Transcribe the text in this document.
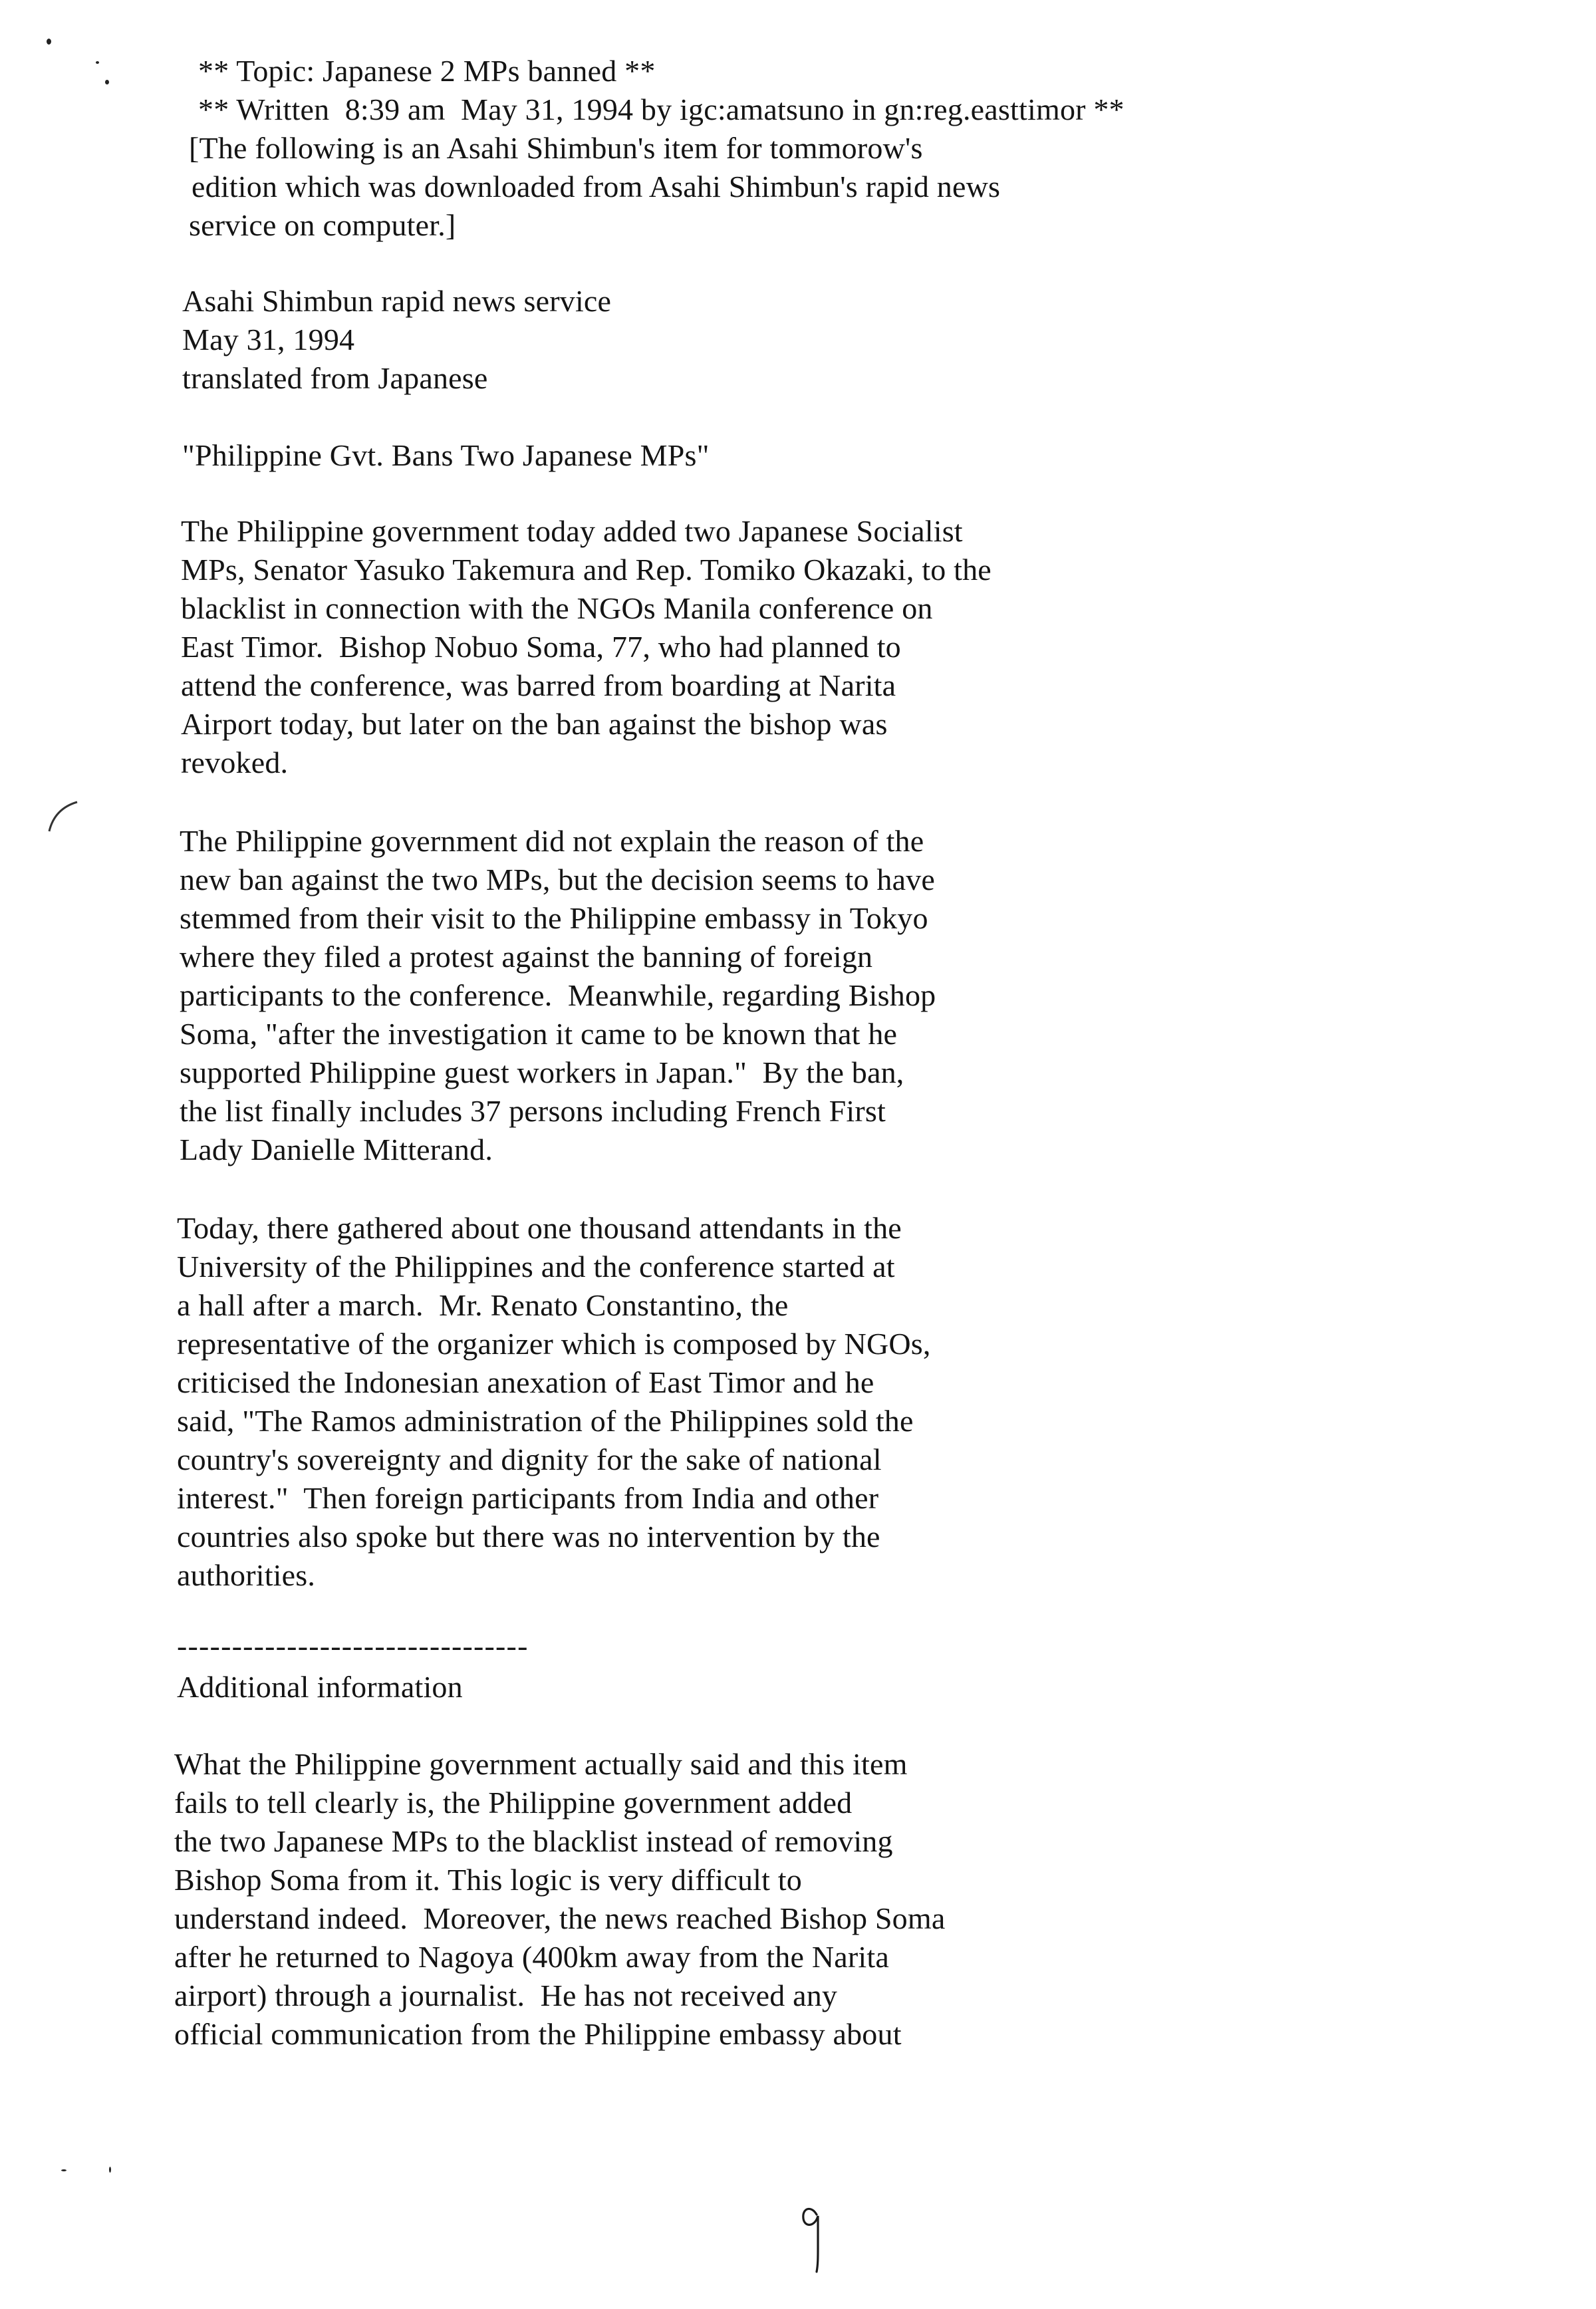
** Topic: Japanese 2 MPs banned **
** Written  8:39 am  May 31, 1994 by igc:amatsuno in gn:reg.easttimor **
[The following is an Asahi Shimbun's item for tommorow's
edition which was downloaded from Asahi Shimbun's rapid news
service on computer.]
Asahi Shimbun rapid news service
May 31, 1994
translated from Japanese
"Philippine Gvt. Bans Two Japanese MPs"
The Philippine government today added two Japanese Socialist
MPs, Senator Yasuko Takemura and Rep. Tomiko Okazaki, to the
blacklist in connection with the NGOs Manila conference on
East Timor.  Bishop Nobuo Soma, 77, who had planned to
attend the conference, was barred from boarding at Narita
Airport today, but later on the ban against the bishop was
revoked.
The Philippine government did not explain the reason of the
new ban against the two MPs, but the decision seems to have
stemmed from their visit to the Philippine embassy in Tokyo
where they filed a protest against the banning of foreign
participants to the conference.  Meanwhile, regarding Bishop
Soma, "after the investigation it came to be known that he
supported Philippine guest workers in Japan."  By the ban,
the list finally includes 37 persons including French First
Lady Danielle Mitterand.
Today, there gathered about one thousand attendants in the
University of the Philippines and the conference started at
a hall after a march.  Mr. Renato Constantino, the
representative of the organizer which is composed by NGOs,
criticised the Indonesian anexation of East Timor and he
said, "The Ramos administration of the Philippines sold the
country's sovereignty and dignity for the sake of national
interest."  Then foreign participants from India and other
countries also spoke but there was no intervention by the
authorities.
--------------------------------
Additional information
What the Philippine government actually said and this item
fails to tell clearly is, the Philippine government added
the two Japanese MPs to the blacklist instead of removing
Bishop Soma from it. This logic is very difficult to
understand indeed.  Moreover, the news reached Bishop Soma
after he returned to Nagoya (400km away from the Narita
airport) through a journalist.  He has not received any
official communication from the Philippine embassy about
